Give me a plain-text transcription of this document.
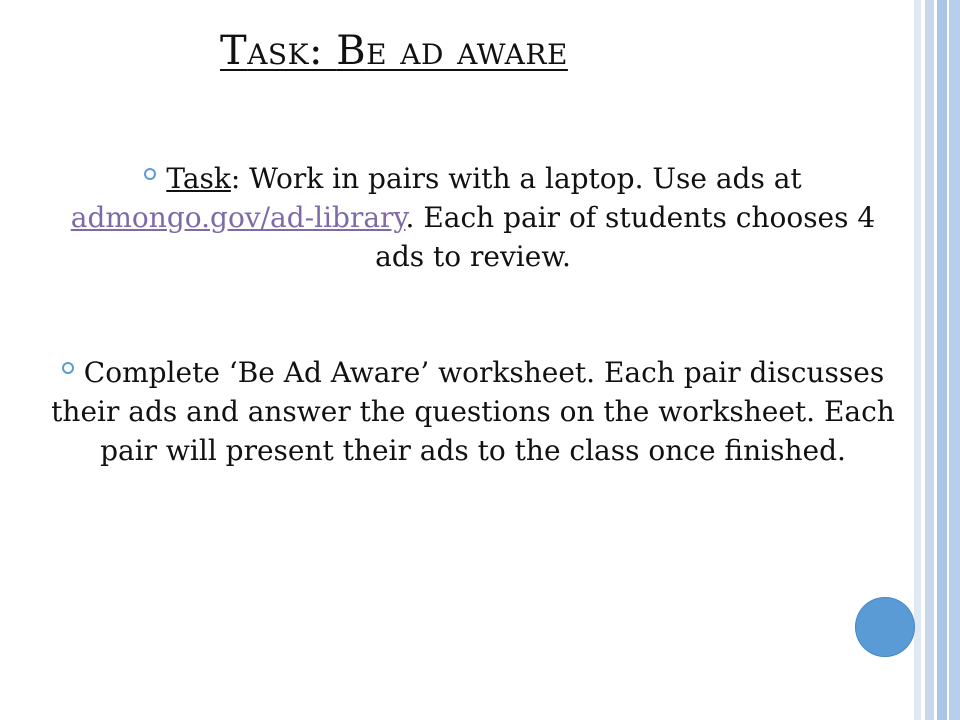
Task: Be ad aware
Task: Work in pairs with a laptop. Use ads at admongo.gov/ad-library. Each pair of students chooses 4 ads to review.
Complete ‘Be Ad Aware’ worksheet. Each pair discusses their ads and answer the questions on the worksheet. Each pair will present their ads to the class once finished.
